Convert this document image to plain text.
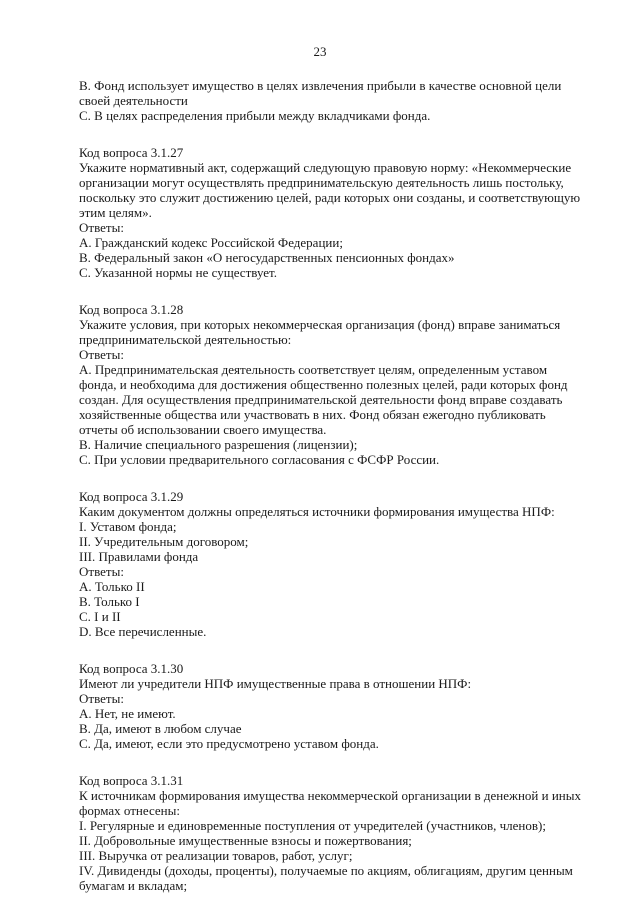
23
B. Фонд использует имущество в целях извлечения прибыли в качестве основной цели
своей деятельности
С. В целях распределения прибыли между вкладчиками фонда.
Код вопроса 3.1.27
Укажите нормативный акт, содержащий следующую правовую норму: «Некоммерческие
организации могут осуществлять предпринимательскую деятельность лишь постольку,
поскольку это служит достижению целей, ради которых они созданы, и соответствующую
этим целям».
Ответы:
А. Гражданский кодекс Российской Федерации;
В. Федеральный закон «О негосударственных пенсионных фондах»
С. Указанной нормы не существует.
Код вопроса 3.1.28
Укажите условия, при которых некоммерческая организация (фонд) вправе заниматься
предпринимательской деятельностью:
Ответы:
А. Предпринимательская деятельность соответствует целям, определенным уставом
фонда, и необходима для достижения общественно полезных целей, ради которых фонд
создан. Для осуществления предпринимательской деятельности фонд вправе создавать
хозяйственные общества или участвовать в них. Фонд обязан ежегодно публиковать
отчеты об использовании своего имущества.
В. Наличие специального разрешения (лицензии);
С. При условии предварительного согласования с ФСФР России.
Код вопроса 3.1.29
Каким документом должны определяться источники формирования имущества НПФ:
I. Уставом фонда;
II. Учредительным договором;
III. Правилами фонда
Ответы:
А. Только II
В. Только I
С. I и II
D. Все перечисленные.
Код вопроса 3.1.30
Имеют ли учредители НПФ имущественные права в отношении НПФ:
Ответы:
А. Нет, не имеют.
В. Да, имеют в любом случае
С. Да, имеют, если это предусмотрено уставом фонда.
Код вопроса 3.1.31
К источникам формирования имущества некоммерческой организации в денежной и иных
формах отнесены:
I. Регулярные и единовременные поступления от учредителей (участников, членов);
II. Добровольные имущественные взносы и пожертвования;
III. Выручка от реализации товаров, работ, услуг;
IV. Дивиденды (доходы, проценты), получаемые по акциям, облигациям, другим ценным
бумагам и вкладам;
